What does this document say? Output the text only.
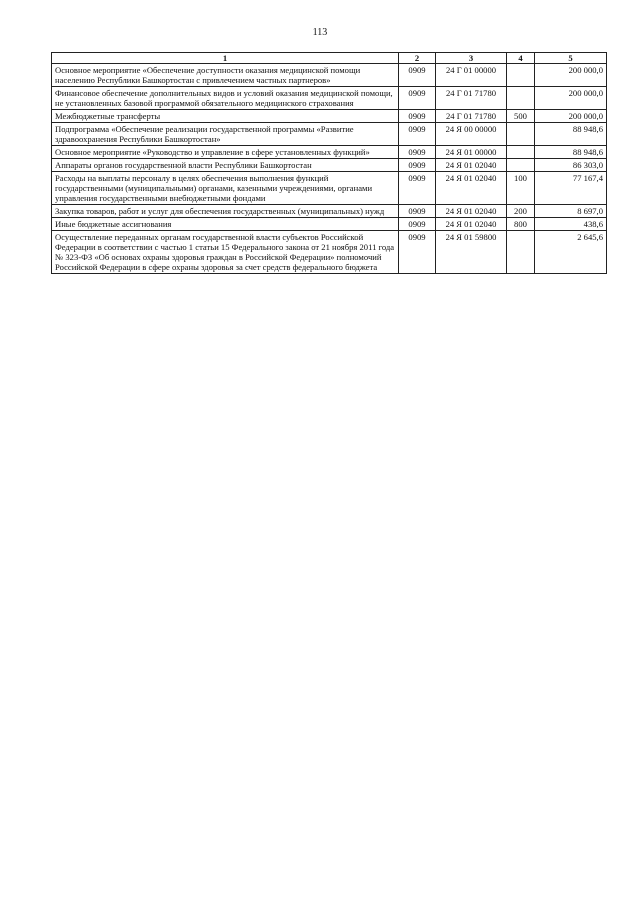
113
1	2	3	4	5
Основное мероприятие «Обеспечение доступности оказания медицинской помощи населению Республики Башкортостан с привлечением частных партнеров»	0909	24 Г 01 00000		200 000,0
Финансовое обеспечение дополнительных видов и условий оказания медицинской помощи, не установленных базовой программой обязательного медицинского страхования	0909	24 Г 01 71780		200 000,0
Межбюджетные трансферты	0909	24 Г 01 71780	500	200 000,0
Подпрограмма «Обеспечение реализации государственной программы «Развитие здравоохранения Республики Башкортостан»	0909	24 Я 00 00000		88 948,6
Основное мероприятие «Руководство и управление в сфере установленных функций»	0909	24 Я 01 00000		88 948,6
Аппараты органов государственной власти Республики Башкортостан	0909	24 Я 01 02040		86 303,0
Расходы на выплаты персоналу в целях обеспечения выполнения функций государственными (муниципальными) органами, казенными учреждениями, органами управления государственными внебюджетными фондами	0909	24 Я 01 02040	100	77 167,4
Закупка товаров, работ и услуг для обеспечения государственных (муниципальных) нужд	0909	24 Я 01 02040	200	8 697,0
Иные бюджетные ассигнования	0909	24 Я 01 02040	800	438,6
Осуществление переданных органам государственной власти субъектов Российской Федерации в соответствии с частью 1 статьи 15 Федерального закона от 21 ноября 2011 года № 323-ФЗ «Об основах охраны здоровья граждан в Российской Федерации» полномочий Российской Федерации в сфере охраны здоровья за счет средств федерального бюджета	0909	24 Я 01 59800		2 645,6
